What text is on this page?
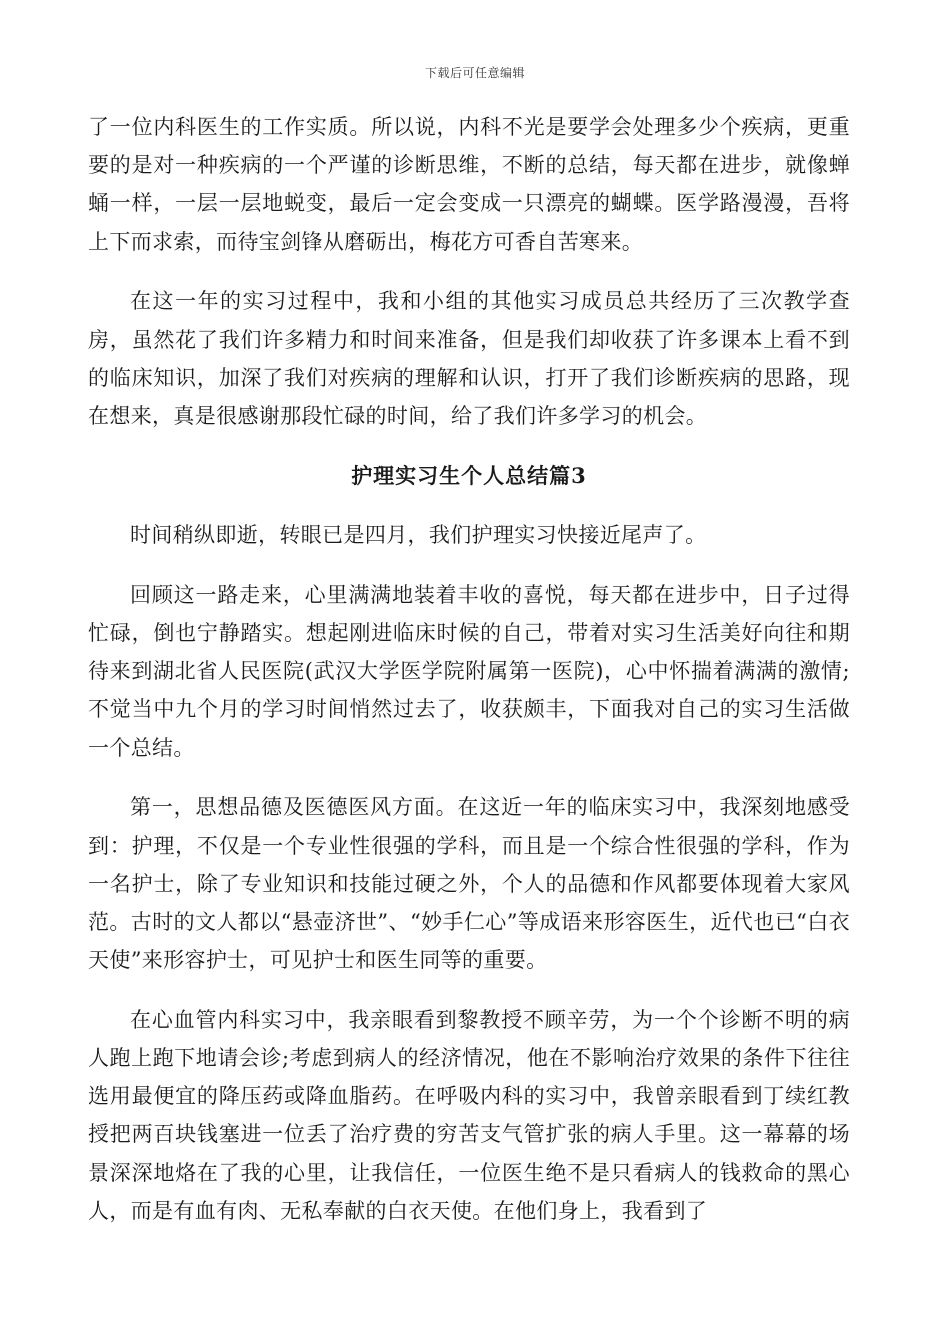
下载后可任意编辑

了一位内科医生的工作实质。所以说，内科不光是要学会处理多少个疾病，更重要的是对一种疾病的一个严谨的诊断思维，不断的总结，每天都在进步，就像蝉蛹一样，一层一层地蜕变，最后一定会变成一只漂亮的蝴蝶。医学路漫漫，吾将上下而求索，而待宝剑锋从磨砺出，梅花方可香自苦寒来。

在这一年的实习过程中，我和小组的其他实习成员总共经历了三次教学查房，虽然花了我们许多精力和时间来准备，但是我们却收获了许多课本上看不到的临床知识，加深了我们对疾病的理解和认识，打开了我们诊断疾病的思路，现在想来，真是很感谢那段忙碌的时间，给了我们许多学习的机会。

护理实习生个人总结篇3

时间稍纵即逝，转眼已是四月，我们护理实习快接近尾声了。

回顾这一路走来，心里满满地装着丰收的喜悦，每天都在进步中，日子过得忙碌，倒也宁静踏实。想起刚进临床时候的自己，带着对实习生活美好向往和期待来到湖北省人民医院(武汉大学医学院附属第一医院)，心中怀揣着满满的激情;不觉当中九个月的学习时间悄然过去了，收获颇丰，下面我对自己的实习生活做一个总结。

第一，思想品德及医德医风方面。在这近一年的临床实习中，我深刻地感受到：护理，不仅是一个专业性很强的学科，而且是一个综合性很强的学科，作为一名护士，除了专业知识和技能过硬之外，个人的品德和作风都要体现着大家风范。古时的文人都以“悬壶济世”、“妙手仁心”等成语来形容医生，近代也已“白衣天使”来形容护士，可见护士和医生同等的重要。

在心血管内科实习中，我亲眼看到黎教授不顾辛劳，为一个个诊断不明的病人跑上跑下地请会诊;考虑到病人的经济情况，他在不影响治疗效果的条件下往往选用最便宜的降压药或降血脂药。在呼吸内科的实习中，我曾亲眼看到丁续红教授把两百块钱塞进一位丢了治疗费的穷苦支气管扩张的病人手里。这一幕幕的场景深深地烙在了我的心里，让我信任，一位医生绝不是只看病人的钱救命的黑心人，而是有血有肉、无私奉献的白衣天使。在他们身上，我看到了
